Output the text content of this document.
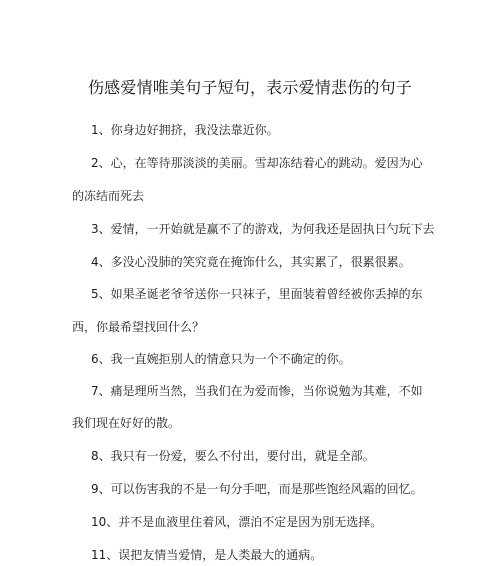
伤感爱情唯美句子短句，表示爱情悲伤的句子
1、你身边好拥挤，我没法靠近你。
2、心，在等待那淡淡的美丽。雪却冻结着心的跳动。爱因为心
的冻结而死去
3、爱情，一开始就是赢不了的游戏，为何我还是固执日勺玩下去
4、多没心没肺的笑究竟在掩饰什么，其实累了，很累很累。
5、如果圣诞老爷爷送你一只袜子，里面装着曾经被你丢掉的东
西，你最希望找回什么？
6、我一直婉拒别人的情意只为一个不确定的你。
7、痛是理所当然，当我们在为爱而惨，当你说勉为其难，不如
我们现在好好的散。
8、我只有一份爱，要么不付出，要付出，就是全部。
9、可以伤害我的不是一句分手吧，而是那些饱经风霜的回忆。
10、并不是血液里住着风，漂泊不定是因为别无选择。
11、误把友情当爱情，是人类最大的通病。
